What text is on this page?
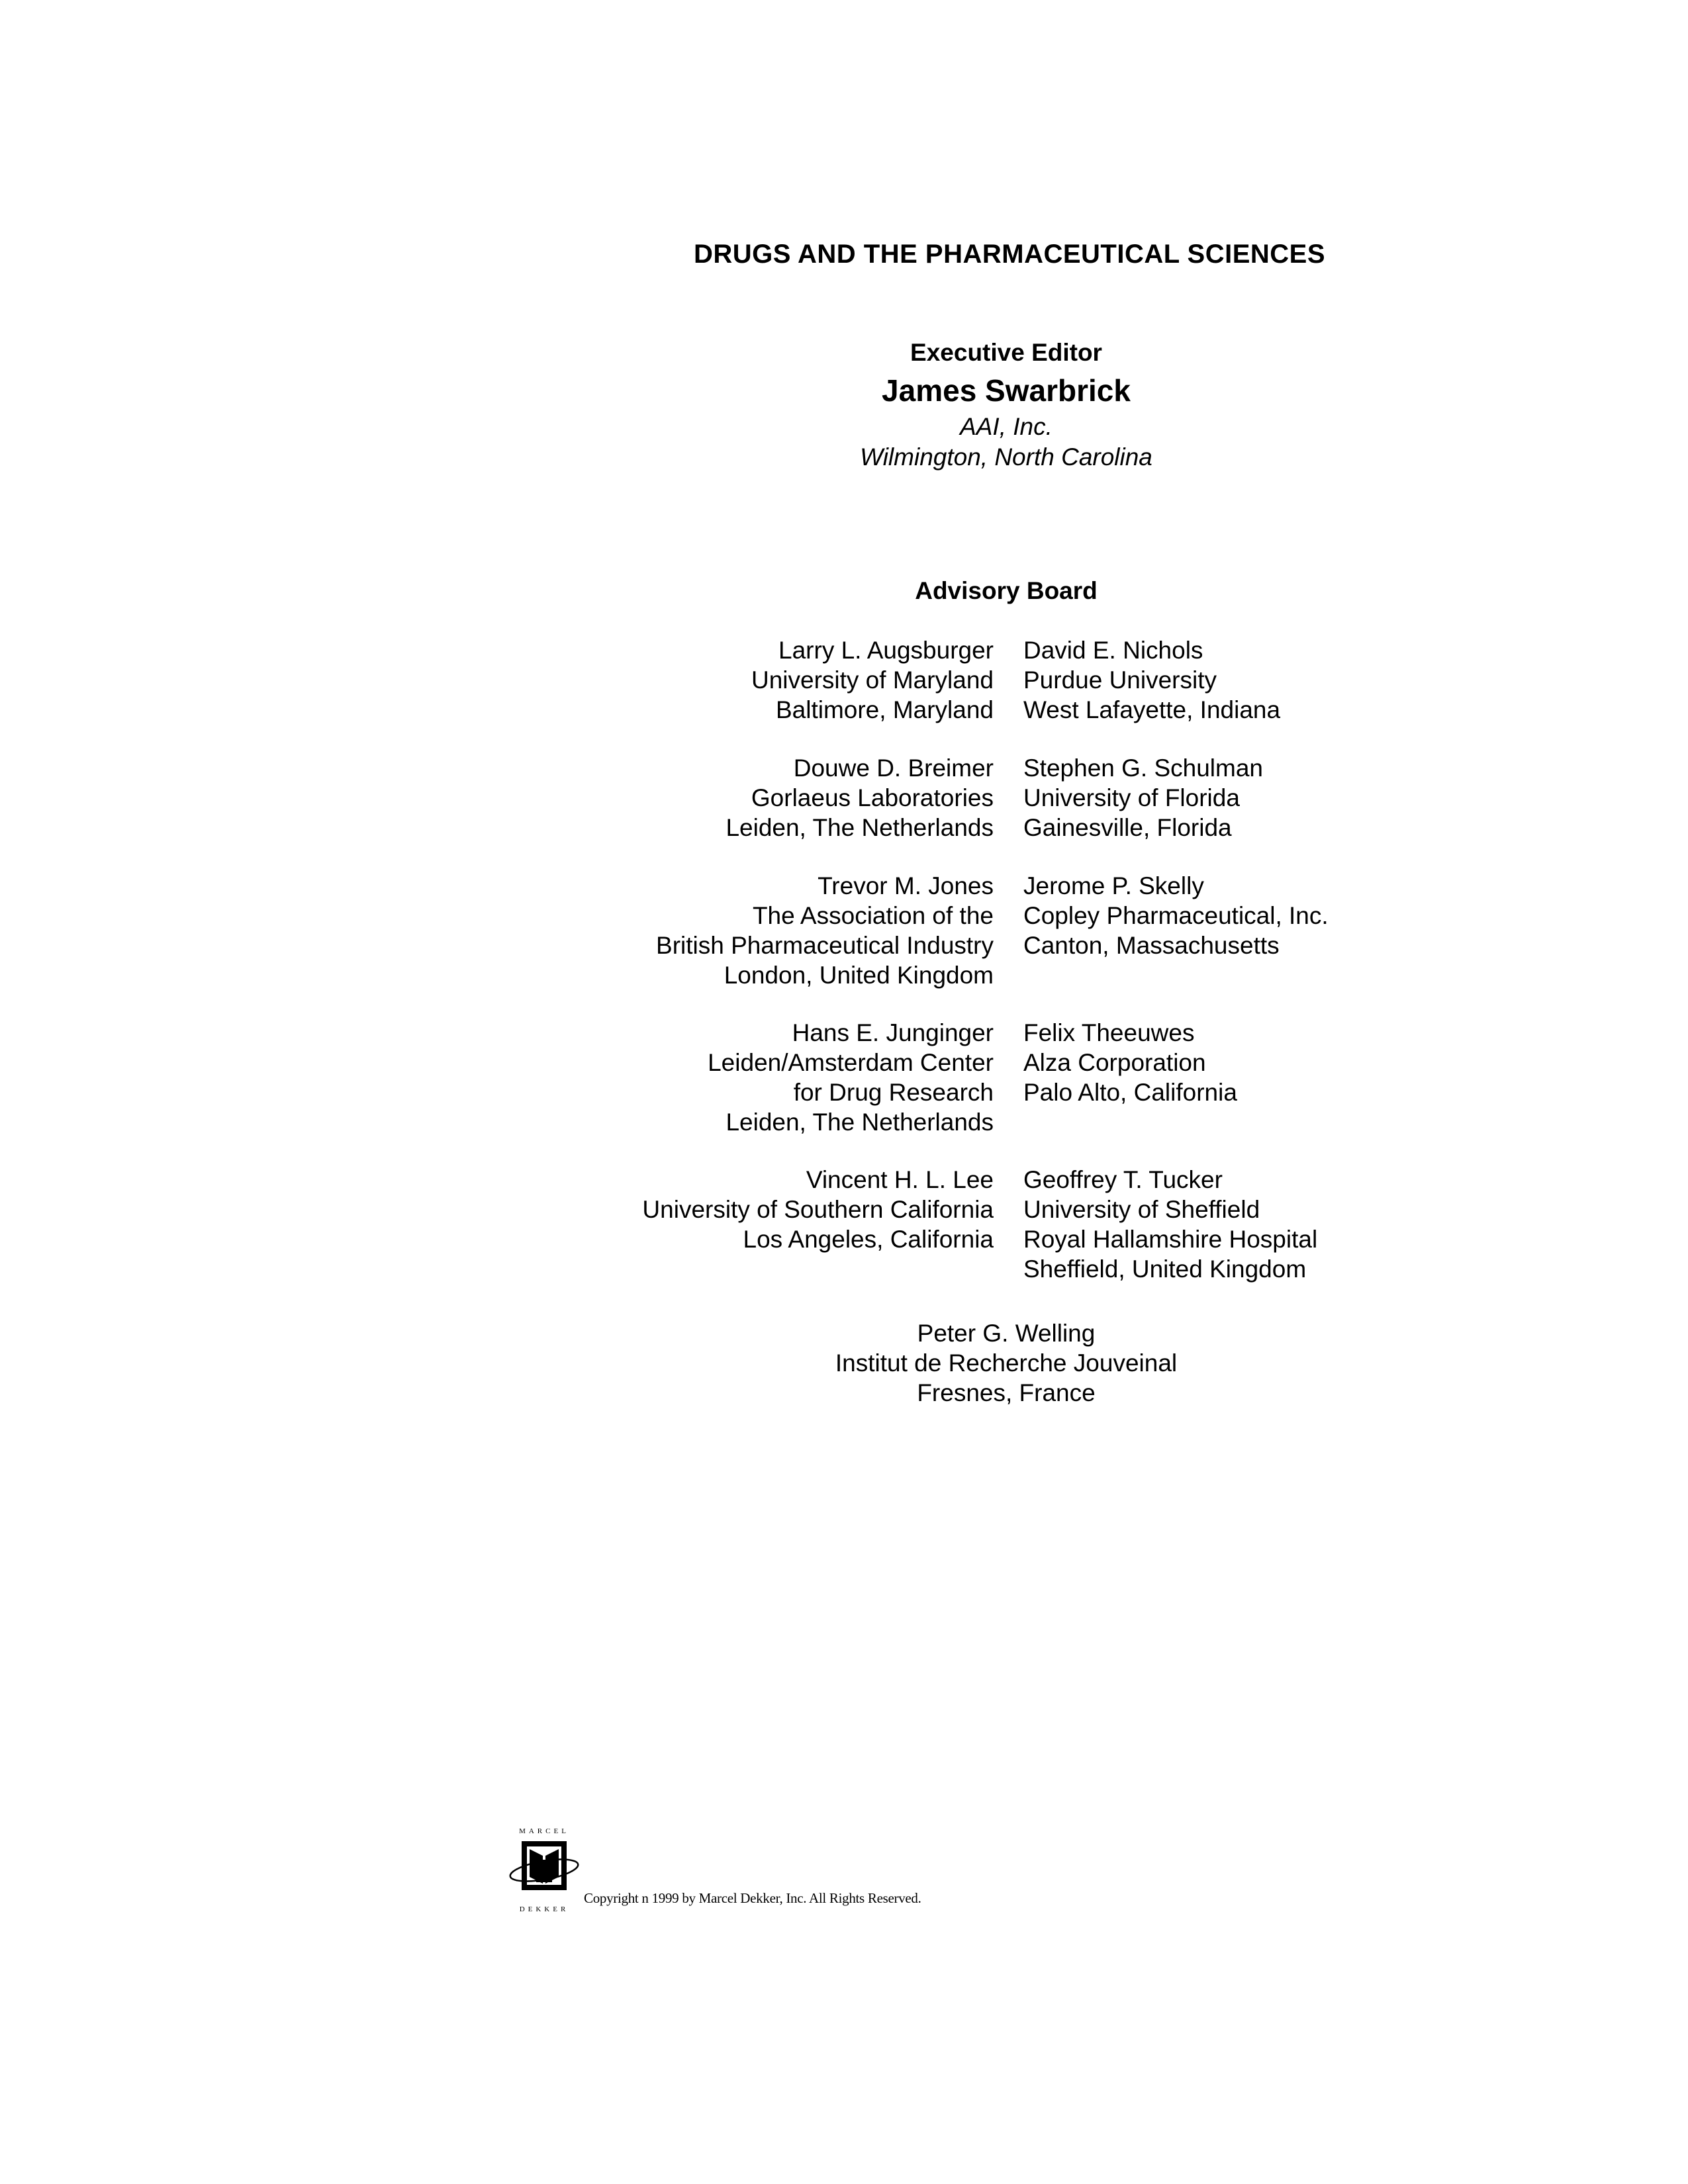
DRUGS AND THE PHARMACEUTICAL SCIENCES
Executive Editor
James Swarbrick
AAI, Inc.
Wilmington, North Carolina
Advisory Board
Larry L. Augsburger
University of Maryland
Baltimore, Maryland
David E. Nichols
Purdue University
West Lafayette, Indiana
Douwe D. Breimer
Gorlaeus Laboratories
Leiden, The Netherlands
Stephen G. Schulman
University of Florida
Gainesville, Florida
Trevor M. Jones
The Association of the
British Pharmaceutical Industry
London, United Kingdom
Jerome P. Skelly
Copley Pharmaceutical, Inc.
Canton, Massachusetts
Hans E. Junginger
Leiden/Amsterdam Center
for Drug Research
Leiden, The Netherlands
Felix Theeuwes
Alza Corporation
Palo Alto, California
Vincent H. L. Lee
University of Southern California
Los Angeles, California
Geoffrey T. Tucker
University of Sheffield
Royal Hallamshire Hospital
Sheffield, United Kingdom
Peter G. Welling
Institut de Recherche Jouveinal
Fresnes, France
MARCEL
DEKKER
Copyright n 1999 by Marcel Dekker, Inc. All Rights Reserved.
